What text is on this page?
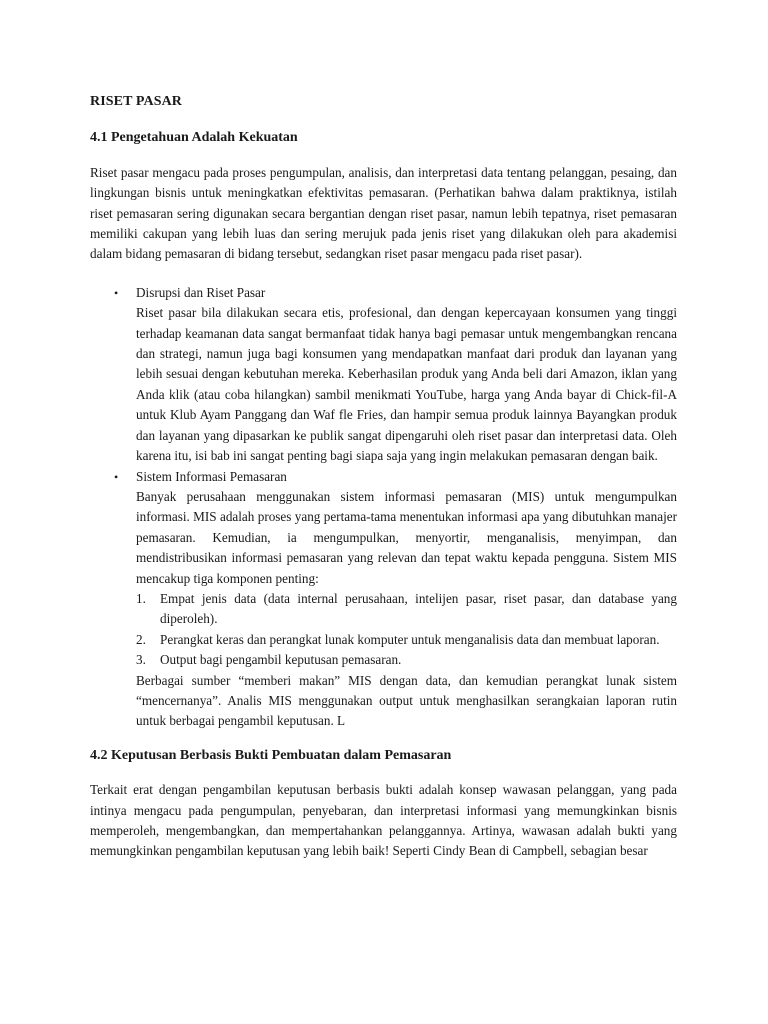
RISET PASAR
4.1 Pengetahuan Adalah Kekuatan

Riset pasar mengacu pada proses pengumpulan, analisis, dan interpretasi data tentang pelanggan, pesaing, dan lingkungan bisnis untuk meningkatkan efektivitas pemasaran. (Perhatikan bahwa dalam praktiknya, istilah riset pemasaran sering digunakan secara bergantian dengan riset pasar, namun lebih tepatnya, riset pemasaran memiliki cakupan yang lebih luas dan sering merujuk pada jenis riset yang dilakukan oleh para akademisi dalam bidang pemasaran di bidang tersebut, sedangkan riset pasar mengacu pada riset pasar).

• Disrupsi dan Riset Pasar
Riset pasar bila dilakukan secara etis, profesional, dan dengan kepercayaan konsumen yang tinggi terhadap keamanan data sangat bermanfaat tidak hanya bagi pemasar untuk mengembangkan rencana dan strategi, namun juga bagi konsumen yang mendapatkan manfaat dari produk dan layanan yang lebih sesuai dengan kebutuhan mereka. Keberhasilan produk yang Anda beli dari Amazon, iklan yang Anda klik (atau coba hilangkan) sambil menikmati YouTube, harga yang Anda bayar di Chick-fil-A untuk Klub Ayam Panggang dan Waf fle Fries, dan hampir semua produk lainnya Bayangkan produk dan layanan yang dipasarkan ke publik sangat dipengaruhi oleh riset pasar dan interpretasi data. Oleh karena itu, isi bab ini sangat penting bagi siapa saja yang ingin melakukan pemasaran dengan baik.
• Sistem Informasi Pemasaran
Banyak perusahaan menggunakan sistem informasi pemasaran (MIS) untuk mengumpulkan informasi. MIS adalah proses yang pertama-tama menentukan informasi apa yang dibutuhkan manajer pemasaran. Kemudian, ia mengumpulkan, menyortir, menganalisis, menyimpan, dan mendistribusikan informasi pemasaran yang relevan dan tepat waktu kepada pengguna. Sistem MIS mencakup tiga komponen penting:
1. Empat jenis data (data internal perusahaan, intelijen pasar, riset pasar, dan database yang diperoleh).
2. Perangkat keras dan perangkat lunak komputer untuk menganalisis data dan membuat laporan.
3. Output bagi pengambil keputusan pemasaran.
Berbagai sumber “memberi makan” MIS dengan data, dan kemudian perangkat lunak sistem “mencernanya”. Analis MIS menggunakan output untuk menghasilkan serangkaian laporan rutin untuk berbagai pengambil keputusan. L
4.2 Keputusan Berbasis Bukti Pembuatan dalam Pemasaran

Terkait erat dengan pengambilan keputusan berbasis bukti adalah konsep wawasan pelanggan, yang pada intinya mengacu pada pengumpulan, penyebaran, dan interpretasi informasi yang memungkinkan bisnis memperoleh, mengembangkan, dan mempertahankan pelanggannya. Artinya, wawasan adalah bukti yang memungkinkan pengambilan keputusan yang lebih baik! Seperti Cindy Bean di Campbell, sebagian besar
